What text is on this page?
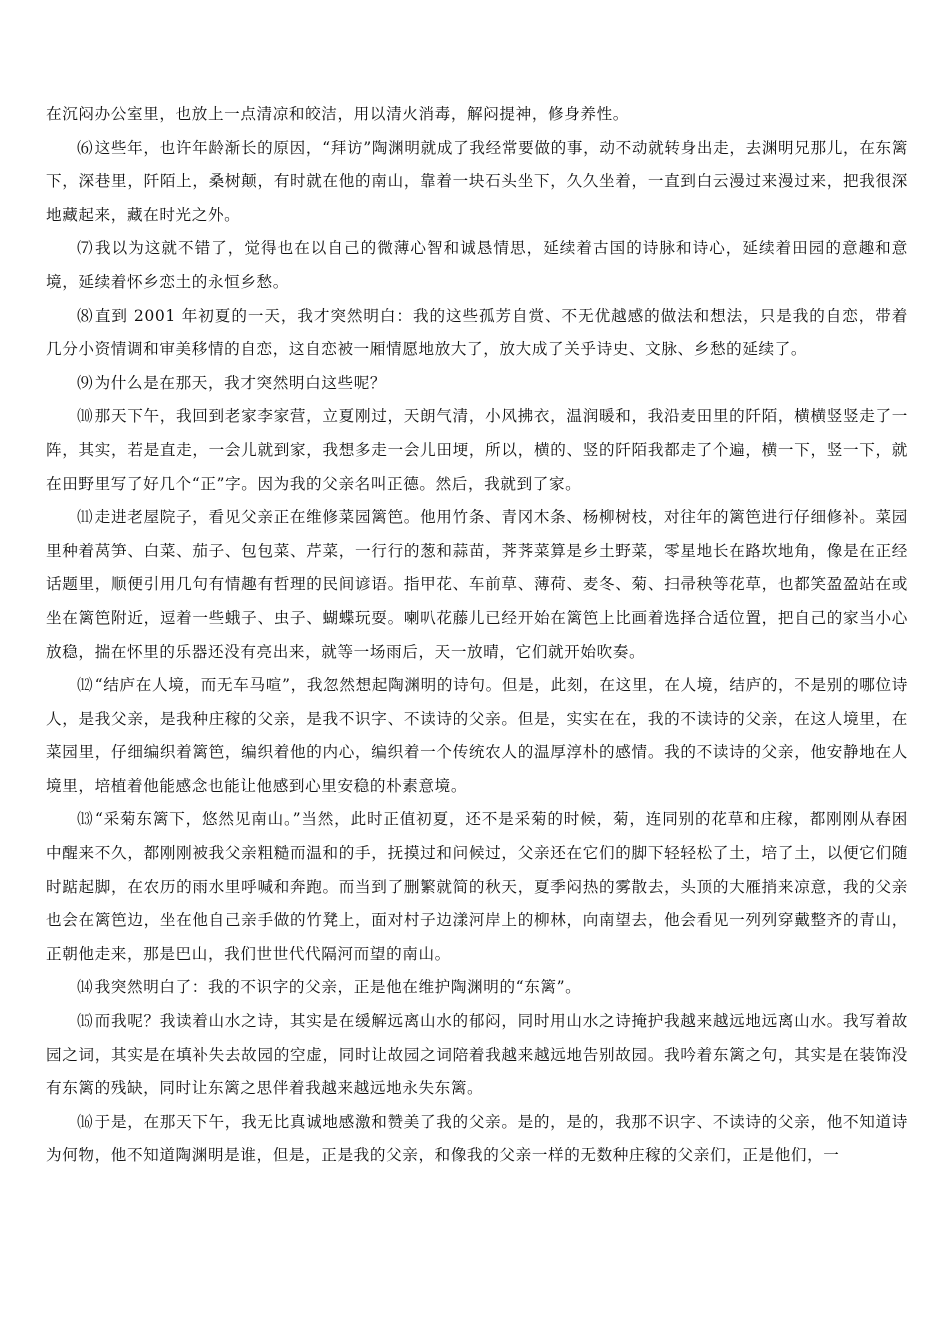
在沉闷办公室里，也放上一点清凉和皎洁，用以清火消毒，解闷提神，修身养性。

⑹ 这些年，也许年龄渐长的原因，“拜访”陶渊明就成了我经常要做的事，动不动就转身出走，去渊明兄那儿，在东篱下，深巷里，阡陌上，桑树颠，有时就在他的南山，靠着一块石头坐下，久久坐着，一直到白云漫过来漫过来，把我很深地藏起来，藏在时光之外。

⑺ 我以为这就不错了，觉得也在以自己的微薄心智和诚恳情思，延续着古国的诗脉和诗心，延续着田园的意趣和意境，延续着怀乡恋土的永恒乡愁。

⑻ 直到 2001 年初夏的一天，我才突然明白：我的这些孤芳自赏、不无优越感的做法和想法，只是我的自恋，带着几分小资情调和审美移情的自恋，这自恋被一厢情愿地放大了，放大成了关乎诗史、文脉、乡愁的延续了。

⑼ 为什么是在那天，我才突然明白这些呢？

⑽ 那天下午，我回到老家李家营，立夏刚过，天朗气清，小风拂衣，温润暖和，我沿麦田里的阡陌，横横竖竖走了一阵，其实，若是直走，一会儿就到家，我想多走一会儿田埂，所以，横的、竖的阡陌我都走了个遍，横一下，竖一下，就在田野里写了好几个“正”字。因为我的父亲名叫正德。然后，我就到了家。

⑾ 走进老屋院子，看见父亲正在维修菜园篱笆。他用竹条、青冈木条、杨柳树枝，对往年的篱笆进行仔细修补。菜园里种着莴笋、白菜、茄子、包包菜、芹菜，一行行的葱和蒜苗，荠荠菜算是乡土野菜，零星地长在路坎地角，像是在正经话题里，顺便引用几句有情趣有哲理的民间谚语。指甲花、车前草、薄荷、麦冬、菊、扫帚秧等花草，也都笑盈盈站在或坐在篱笆附近，逗着一些蛾子、虫子、蝴蝶玩耍。喇叭花藤儿已经开始在篱笆上比画着选择合适位置，把自己的家当小心放稳，揣在怀里的乐器还没有亮出来，就等一场雨后，天一放晴，它们就开始吹奏。

⑿ “结庐在人境，而无车马喧”，我忽然想起陶渊明的诗句。但是，此刻，在这里，在人境，结庐的，不是别的哪位诗人，是我父亲，是我种庄稼的父亲，是我不识字、不读诗的父亲。但是，实实在在，我的不读诗的父亲，在这人境里，在菜园里，仔细编织着篱笆，编织着他的内心，编织着一个传统农人的温厚淳朴的感情。我的不读诗的父亲，他安静地在人境里，培植着他能感念也能让他感到心里安稳的朴素意境。

⒀ “采菊东篱下，悠然见南山。”当然，此时正值初夏，还不是采菊的时候，菊，连同别的花草和庄稼，都刚刚从春困中醒来不久，都刚刚被我父亲粗糙而温和的手，抚摸过和问候过，父亲还在它们的脚下轻轻松了土，培了土，以便它们随时踮起脚，在农历的雨水里呼喊和奔跑。而当到了删繁就简的秋天，夏季闷热的雾散去，头顶的大雁捎来凉意，我的父亲也会在篱笆边，坐在他自己亲手做的竹凳上，面对村子边漾河岸上的柳林，向南望去，他会看见一列列穿戴整齐的青山，正朝他走来，那是巴山，我们世世代代隔河而望的南山。

⒁ 我突然明白了：我的不识字的父亲，正是他在维护陶渊明的“东篱”。

⒂ 而我呢？我读着山水之诗，其实是在缓解远离山水的郁闷，同时用山水之诗掩护我越来越远地远离山水。我写着故园之词，其实是在填补失去故园的空虚，同时让故园之词陪着我越来越远地告别故园。我吟着东篱之句，其实是在装饰没有东篱的残缺，同时让东篱之思伴着我越来越远地永失东篱。

⒃ 于是，在那天下午，我无比真诚地感激和赞美了我的父亲。是的，是的，我那不识字、不读诗的父亲，他不知道诗为何物，他不知道陶渊明是谁，但是，正是我的父亲，和像我的父亲一样的无数种庄稼的父亲们，正是他们，一
